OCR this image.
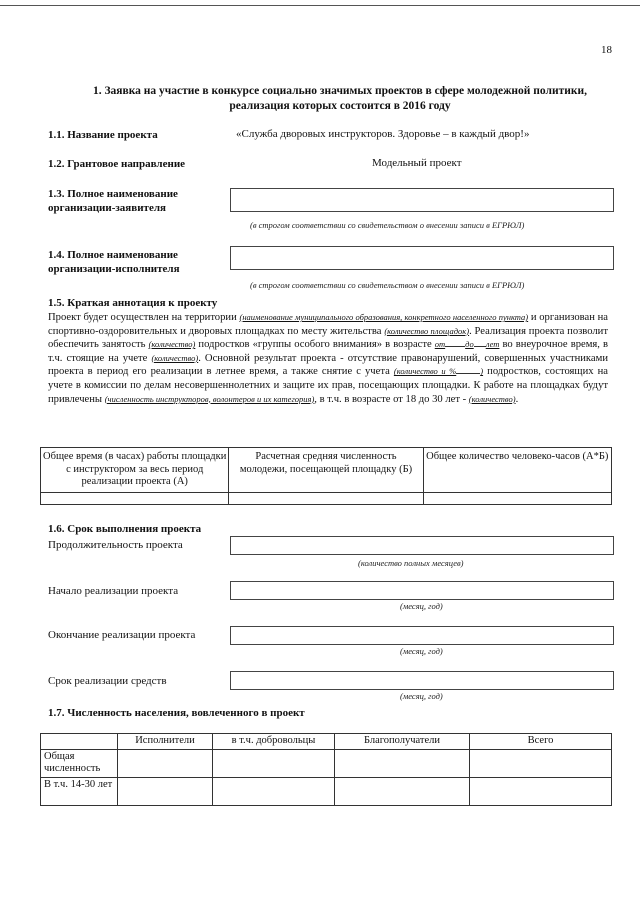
18
1. Заявка на участие в конкурсе социально значимых проектов в сфере молодежной политики, реализация которых состоится в 2016 году
1.1. Название проекта	«Служба дворовых инструкторов. Здоровье – в каждый двор!»
1.2. Грантовое направление	Модельный проект
1.3. Полное наименование организации-заявителя
(в строгом соответствии со свидетельством о внесении записи в ЕГРЮЛ)
1.4. Полное наименование организации-исполнителя
(в строгом соответствии со свидетельством о внесении записи в ЕГРЮЛ)
1.5. Краткая аннотация к проекту
Проект будет осуществлен на территории (наименование муниципального образования, конкретного населенного пункта) и организован на спортивно-оздоровительных и дворовых площадках по месту жительства (количество площадок). Реализация проекта позволит обеспечить занятость (количество) подростков «группы особого внимания» в возрасте от до лет во внеурочное время, в т.ч. стоящие на учете (количество). Основной результат проекта - отсутствие правонарушений, совершенных участниками проекта в период его реализации в летнее время, а также снятие с учета (количество и %	) подростков, состоящих на учете в комиссии по делам несовершеннолетних и защите их прав, посещающих площадки. К работе на площадках будут привлечены (численность инструкторов, волонтеров и их категория), в т.ч. в возрасте от 18 до 30 лет - (количество).
Общее время (в часах) работы площадки с инструктором за весь период реализации проекта (А)	Расчетная средняя численность молодежи, посещающей площадку (Б)	Общее количество человеко-часов (А*Б)

1.6. Срок выполнения проекта
Продолжительность проекта
(количество полных месяцев)
Начало реализации проекта
(месяц, год)
Окончание реализации проекта
(месяц, год)
Срок реализации средств
(месяц, год)
1.7. Численность населения, вовлеченного в проект
	Исполнители	в т.ч. добровольцы	Благополучатели	Всего
Общая численность				
В т.ч. 14-30 лет				
